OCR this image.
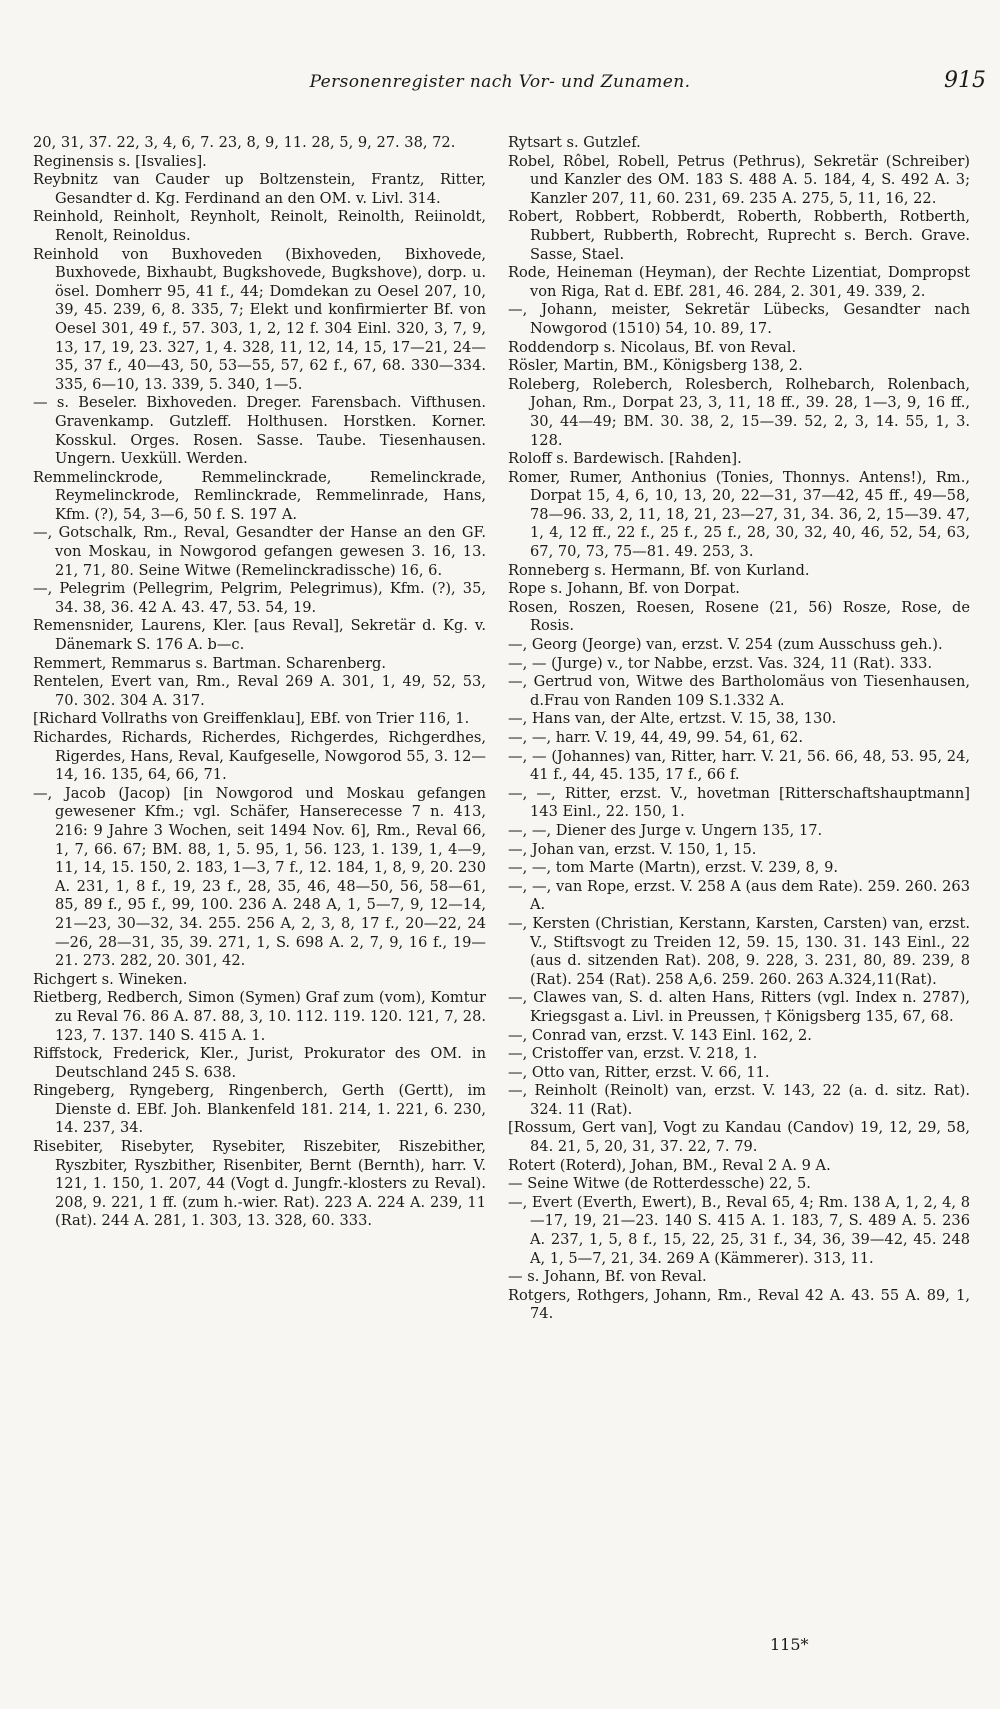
Personenregister nach Vor- und Zunamen.	915

20, 31, 37. 22, 3, 4, 6, 7. 23, 8, 9, 11. 28, 5, 9, 27. 38, 72.

Reginensis s. [Isvalies].

Reybnitz van Cauder up Boltzenstein, Frantz, Ritter, Gesandter d. Kg. Ferdinand an den OM. v. Livl. 314.

Reinhold, Reinholt, Reynholt, Reinolt, Reinolth, Reiinoldt, Renolt, Reinoldus.

Reinhold von Buxhoveden (Bixhoveden, Bixhovede, Buxhovede, Bixhaubt, Bugkshovede, Bugkshove), dorp. u. ösel. Domherr 95, 41 f., 44; Domdekan zu Oesel 207, 10, 39, 45. 239, 6, 8. 335, 7; Elekt und konfirmierter Bf. von Oesel 301, 49 f., 57. 303, 1, 2, 12 f. 304 Einl. 320, 3, 7, 9, 13, 17, 19, 23. 327, 1, 4. 328, 11, 12, 14, 15, 17—21, 24—35, 37 f., 40—43, 50, 53—55, 57, 62 f., 67, 68. 330—334. 335, 6—10, 13. 339, 5. 340, 1—5.

— s. Beseler. Bixhoveden. Dreger. Farensbach. Vifthusen. Gravenkamp. Gutzleff. Holthusen. Horstken. Korner. Kosskul. Orges. Rosen. Sasse. Taube. Tiesenhausen. Ungern. Uexküll. Werden.

Remmelinckrode, Remmelinckrade, Remelinckrade, Reymelinckrode, Remlinckrade, Remmelinrade, Hans, Kfm. (?), 54, 3—6, 50 f. S. 197 A.

—, Gotschalk, Rm., Reval, Gesandter der Hanse an den GF. von Moskau, in Nowgorod gefangen gewesen 3. 16, 13. 21, 71, 80. Seine Witwe (Remelinckradissche) 16, 6.

—, Pelegrim (Pellegrim, Pelgrim, Pelegrimus), Kfm. (?), 35, 34. 38, 36. 42 A. 43. 47, 53. 54, 19.

Remensnider, Laurens, Kler. [aus Reval], Sekretär d. Kg. v. Dänemark S. 176 A. b—c.

Remmert, Remmarus s. Bartman. Scharenberg.

Rentelen, Evert van, Rm., Reval 269 A. 301, 1, 49, 52, 53, 70. 302. 304 A. 317.

[Richard Vollraths von Greiffenklau], EBf. von Trier 116, 1.

Richardes, Richards, Richerdes, Richgerdes, Richgerdhes, Rigerdes, Hans, Reval, Kaufgeselle, Nowgorod 55, 3. 12—14, 16. 135, 64, 66, 71.

—, Jacob (Jacop) [in Nowgorod und Moskau gefangen gewesener Kfm.; vgl. Schäfer, Hanserecesse 7 n. 413, 216: 9 Jahre 3 Wochen, seit 1494 Nov. 6], Rm., Reval 66, 1, 7, 66. 67; BM. 88, 1, 5. 95, 1, 56. 123, 1. 139, 1, 4—9, 11, 14, 15. 150, 2. 183, 1—3, 7 f., 12. 184, 1, 8, 9, 20. 230 A. 231, 1, 8 f., 19, 23 f., 28, 35, 46, 48—50, 56, 58—61, 85, 89 f., 95 f., 99, 100. 236 A. 248 A, 1, 5—7, 9, 12—14, 21—23, 30—32, 34. 255. 256 A, 2, 3, 8, 17 f., 20—22, 24—26, 28—31, 35, 39. 271, 1, S. 698 A. 2, 7, 9, 16 f., 19—21. 273. 282, 20. 301, 42.

Richgert s. Wineken.

Rietberg, Redberch, Simon (Symen) Graf zum (vom), Komtur zu Reval 76. 86 A. 87. 88, 3, 10. 112. 119. 120. 121, 7, 28. 123, 7. 137. 140 S. 415 A. 1.

Riffstock, Frederick, Kler., Jurist, Prokurator des OM. in Deutschland 245 S. 638.

Ringeberg, Ryngeberg, Ringenberch, Gerth (Gertt), im Dienste d. EBf. Joh. Blankenfeld 181. 214, 1. 221, 6. 230, 14. 237, 34.

Risebiter, Risebyter, Rysebiter, Riszebiter, Riszebither, Ryszbiter, Ryszbither, Risenbiter, Bernt (Bernth), harr. V. 121, 1. 150, 1. 207, 44 (Vogt d. Jungfr.-klosters zu Reval). 208, 9. 221, 1 ff. (zum h.-wier. Rat). 223 A. 224 A. 239, 11 (Rat). 244 A. 281, 1. 303, 13. 328, 60. 333.

Rytsart s. Gutzlef.

Robel, Rôbel, Robell, Petrus (Pethrus), Sekretär (Schreiber) und Kanzler des OM. 183 S. 488 A. 5. 184, 4, S. 492 A. 3; Kanzler 207, 11, 60. 231, 69. 235 A. 275, 5, 11, 16, 22.

Robert, Robbert, Robberdt, Roberth, Robberth, Rotberth, Rubbert, Rubberth, Robrecht, Ruprecht s. Berch. Grave. Sasse, Stael.

Rode, Heineman (Heyman), der Rechte Lizentiat, Dompropst von Riga, Rat d. EBf. 281, 46. 284, 2. 301, 49. 339, 2.

—, Johann, meister, Sekretär Lübecks, Gesandter nach Nowgorod (1510) 54, 10. 89, 17.

Roddendorp s. Nicolaus, Bf. von Reval.

Rösler, Martin, BM., Königsberg 138, 2.

Roleberg, Roleberch, Rolesberch, Rolhebarch, Rolenbach, Johan, Rm., Dorpat 23, 3, 11, 18 ff., 39. 28, 1—3, 9, 16 ff., 30, 44—49; BM. 30. 38, 2, 15—39. 52, 2, 3, 14. 55, 1, 3. 128.

Roloff s. Bardewisch. [Rahden].

Romer, Rumer, Anthonius (Tonies, Thonnys. Antens!), Rm., Dorpat 15, 4, 6, 10, 13, 20, 22—31, 37—42, 45 ff., 49—58, 78—96. 33, 2, 11, 18, 21, 23—27, 31, 34. 36, 2, 15—39. 47, 1, 4, 12 ff., 22 f., 25 f., 25 f., 28, 30, 32, 40, 46, 52, 54, 63, 67, 70, 73, 75—81. 49. 253, 3.

Ronneberg s. Hermann, Bf. von Kurland.

Rope s. Johann, Bf. von Dorpat.

Rosen, Roszen, Roesen, Rosene (21, 56) Rosze, Rose, de Rosis.

—, Georg (Jeorge) van, erzst. V. 254 (zum Ausschuss geh.).

—, — (Jurge) v., tor Nabbe, erzst. Vas. 324, 11 (Rat). 333.

—, Gertrud von, Witwe des Bartholomäus von Tiesenhausen, d.Frau von Randen 109 S.1.332 A.

—, Hans van, der Alte, ertzst. V. 15, 38, 130.

—, —, harr. V. 19, 44, 49, 99. 54, 61, 62.

—, — (Johannes) van, Ritter, harr. V. 21, 56. 66, 48, 53. 95, 24, 41 f., 44, 45. 135, 17 f., 66 f.

—, —, Ritter, erzst. V., hovetman [Ritterschaftshauptmann] 143 Einl., 22. 150, 1.

—, —, Diener des Jurge v. Ungern 135, 17.

—, Johan van, erzst. V. 150, 1, 15.

—, —, tom Marte (Martn), erzst. V. 239, 8, 9.

—, —, van Rope, erzst. V. 258 A (aus dem Rate). 259. 260. 263 A.

—, Kersten (Christian, Kerstann, Karsten, Carsten) van, erzst. V., Stiftsvogt zu Treiden 12, 59. 15, 130. 31. 143 Einl., 22 (aus d. sitzenden Rat). 208, 9. 228, 3. 231, 80, 89. 239, 8 (Rat). 254 (Rat). 258 A,6. 259. 260. 263 A.324,11(Rat).

—, Clawes van, S. d. alten Hans, Ritters (vgl. Index n. 2787), Kriegsgast a. Livl. in Preussen, † Königsberg 135, 67, 68.

—, Conrad van, erzst. V. 143 Einl. 162, 2.

—, Cristoffer van, erzst. V. 218, 1.

—, Otto van, Ritter, erzst. V. 66, 11.

—, Reinholt (Reinolt) van, erzst. V. 143, 22 (a. d. sitz. Rat). 324. 11 (Rat).

[Rossum, Gert van], Vogt zu Kandau (Candov) 19, 12, 29, 58, 84. 21, 5, 20, 31, 37. 22, 7. 79.

Rotert (Roterd), Johan, BM., Reval 2 A. 9 A.

— Seine Witwe (de Rotterdessche) 22, 5.

—, Evert (Everth, Ewert), B., Reval 65, 4; Rm. 138 A, 1, 2, 4, 8—17, 19, 21—23. 140 S. 415 A. 1. 183, 7, S. 489 A. 5. 236 A. 237, 1, 5, 8 f., 15, 22, 25, 31 f., 34, 36, 39—42, 45. 248 A, 1, 5—7, 21, 34. 269 A (Kämmerer). 313, 11.

— s. Johann, Bf. von Reval.

Rotgers, Rothgers, Johann, Rm., Reval 42 A. 43. 55 A. 89, 1, 74.

115*
